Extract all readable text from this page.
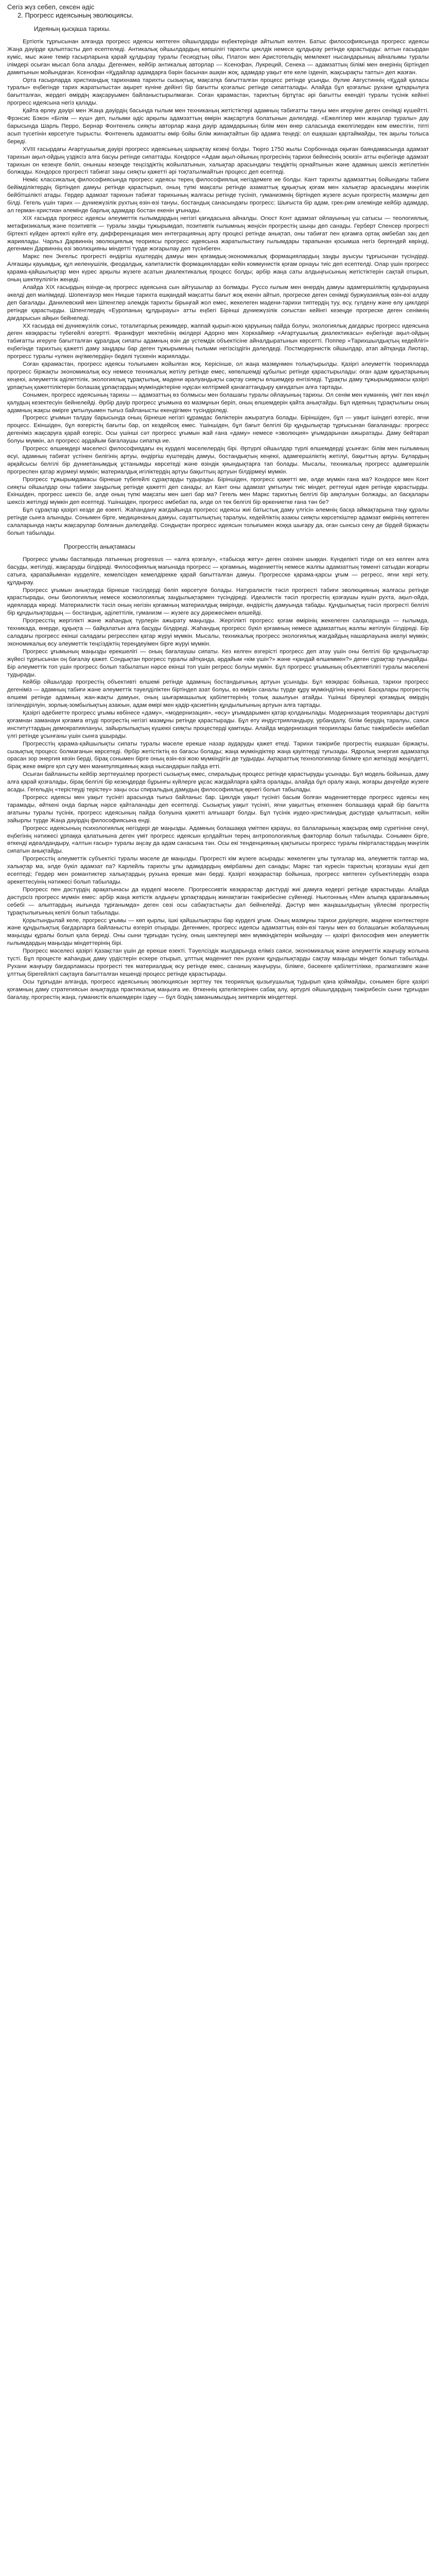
Сегіз жүз себеп, сексен әдіс
2. Прогресс идеясының эволюциясы.
Идеяның қысқаша тарихы.

Ертіотік тұрғысынан алғанда прогресс идеясы көптеген ойшылдарды еңбектерінде айтылып келген. Батыс философиясында прогресс идеясы Жаңа дәуірде қалыптасты деп есептеледі. Антикалық ойшылдардың көпшілігі тарихты циклдік немесе құлдырау ретінде қарастырды: алтын ғасырдан күміс, мыс және темір ғасырларына қарай құлдырау туралы Гесиодтың ойы, Платон мен Аристотельдің мемлекет нысандарының айналымы туралы ілімдері осыған мысал бола алады. Дегенмен, кейбір антикалық авторлар — Ксенофан, Лукреций, Сенека — адамзаттың білімі мен өнерінің біртіндеп дамитынын мойындаған. Ксенофан «Құдайлар адамдарға бәрін басынан ашқан жоқ, адамдар уақыт өте келе ізденіп, жақсырақты тапты» деп жазған.

Орта ғасырларда христиандық тарихнама тарихты сызықтық, мақсатқа бағытталған процесс ретінде ұсынды. Әулие Августиннің «Құдай қаласы туралы» еңбегінде тарих жаратылыстан ақырет күніне дейінгі бір бағытты қозғалыс ретінде сипатталады. Алайда бұл қозғалыс рухани құтқарылуға бағытталған, жердегі өмірдің жақсаруымен байланыстырылмаған. Соған қарамастан, тарихтың біртұтас әрі бағытты екендігі туралы түсінік кейінгі прогресс идеясына негіз қалады.

Қайта өрлеу дәуірі мен Жаңа дәуірдің басында ғылым мен техниканың жетістіктері адамның табиғатты тануы мен игеруіне деген сенімді күшейтті. Фрэнсис Бэкон «Білім — күш» деп, ғылыми әдіс арқылы адамзаттың өмірін жақсартуға болатынын дәлелдеді. «Ежелгілер мен жаңалар туралы» дау барысында Шарль Перро, Бернар Фонтенель сияқты авторлар жаңа дәуір адамдарының білім мен өнер саласында ежелгілерден кем еместігін, тіпті асып түсетінін көрсетуге тырысты. Фонтенель адамзатты өмір бойы білім жинақтайтын бір адамға теңеді: ол ешқашан қартаймайды, тек ақылы толыса береді.

XVIII ғасырдағы Ағартушылық дәуірі прогресс идеясының шарықтау кезеңі болды. Тюрго 1750 жылы Сорбоннада оқыған баяндамасында адамзат тарихын ақыл-ойдың үздіксіз алға басуы ретінде сипаттады. Кондорсе «Адам ақыл-ойының прогресінің тарихи бейнесінің эскизі» атты еңбегінде адамзат тарихын он кезеңге бөліп, оныншы кезеңде теңсіздіктің жойылатынын, халықтар арасындағы теңдіктің орнайтынын және адамның шексіз жетілетінін болжады. Кондорсе прогресті табиғат заңы сияқты қажетті әрі тоқтатылмайтын процесс деп есептеді.

Неміс классикалық философиясында прогресс идеясы терең философиялық негіздемеге ие болды. Кант тарихты адамзаттың бойындағы табиғи бейімділіктердің біртіндеп дамуы ретінде қарастырып, оның түпкі мақсаты ретінде азаматтық құқықтық қоғам мен халықтар арасындағы мәңгілік бейбітшілікті атады. Гердер адамзат тарихын табиғат тарихының жалғасы ретінде түсініп, гуманизмнің біртіндеп жүзеге асуын прогрестің мазмұны деп білді. Гегель үшін тарих — дүниежүзілік рухтың өзін-өзі тануы, бостандық санасындағы прогресс: Шығыста бір адам, грек-рим әлемінде кейбір адамдар, ал герман-христиан әлемінде барлық адамдар бостан екенін ұғынады.

XIX ғасырда прогресс идеясы әлеуметтік ғылымдардың негізгі қағидасына айналды. Огюст Конт адамзат ойлауының үш сатысы — теологиялық, метафизикалық және позитивтік — туралы заңды тұжырымдап, позитивтік ғылымның жеңісін прогрестің шыңы деп санады. Герберт Спенсер прогресті біртекті күйден әртекті күйге өту, дифференциация мен интеграцияның арту процесі ретінде анықтап, оны табиғат пен қоғамға ортақ әмбебап заң деп жариялады. Чарльз Дарвиннің эволюциялық теориясы прогресс идеясына жаратылыстану ғылымдары тарапынан қосымша негіз бергендей көрінді, дегенмен Дарвиннің өзі эволюцияны міндетті түрде жоғарылау деп түсінбеген.

Маркс пен Энгельс прогресті өндіргіш күштердің дамуы мен қоғамдық-экономикалық формациялардың заңды ауысуы тұрғысынан түсіндірді. Алғашқы қауымдық, құл иеленушілік, феодалдық, капиталистік формациялардан кейін коммунистік қоғам орнауы тиіс деп есептелді. Олар үшін прогресс қарама-қайшылықтар мен күрес арқылы жүзеге асатын диалектикалық процесс болды; әрбір жаңа саты алдыңғысының жетістіктерін сақтай отырып, оның шектеулілігін жеңеді.

Алайда XIX ғасырдың өзінде-ақ прогресс идеясына сын айтушылар аз болмады. Руссо ғылым мен өнердің дамуы адамгершіліктің құлдырауына әкелді деп мәлімдеді. Шопенгауэр мен Ницше тарихта ешқандай мақсатты бағыт жоқ екенін айтып, прогреске деген сенімді буржуазиялық өзін-өзі алдау деп бағалады. Данилевский мен Шпенглер әлемдік тарихты бірыңғай жол емес, жекелеген мәдени-тарихи типтердің туу, өсу, гүлдену және өлу циклдері ретінде қарастырды. Шпенглердің «Еуропаның құлдырауы» атты еңбегі Бірінші дүниежүзілік соғыстан кейінгі кезеңде прогреске деген сенімнің дағдарысын айқын бейнеледі.

XX ғасырда екі дүниежүзілік соғыс, тоталитарлық режимдер, жаппай қырып-жою қаруының пайда болуы, экологиялық дағдарыс прогресс идеясына деген көзқарасты түбегейлі өзгертті. Франкфурт мектебінің өкілдері Адорно мен Хоркхаймер «Ағартушылық диалектикасы» еңбегінде ақыл-ойдың табиғатты игеруге бағытталған құралдық сипаты адамның өзін де үстемдік объектісіне айналдыратынын көрсетті. Поппер «Тарихшылдықтың кедейлігі» еңбегінде тарихтың қажетті даму заңдары бар деген тұжырымның ғылыми негізсіздігін дәлелдеді. Постмодернистік ойшылдар, атап айтқанда Лиотар, прогресс туралы «үлкен әңгімелердің» беделі түскенін жариялады.

Соған қарамастан, прогресс идеясы толығымен жойылған жоқ. Керісінше, ол жаңа мазмұнмен толықтырылды. Қазіргі әлеуметтік теорияларда прогресс біржақты экономикалық өсу немесе техникалық жетілу ретінде емес, көпөлшемді құбылыс ретінде қарастырылады: оған адам құқықтарының кеңеюі, әлеуметтік әділеттілік, экологиялық тұрақтылық, мәдени әралуандықты сақтау сияқты өлшемдер енгізіледі. Тұрақты даму тұжырымдамасы қазіргі ұрпақтың қажеттіліктерін болашақ ұрпақтардың мүмкіндіктеріне нұқсан келтірмей қанағаттандыру қағидатын алға тартады.

Сонымен, прогресс идеясының тарихы — адамзаттың өз болмысы мен болашағы туралы ойлауының тарихы. Ол сенім мен күмәннің, үміт пен көңіл қалудың кезектесуін бейнелейді. Әрбір дәуір прогресс ұғымына өз мазмұнын беріп, оның өлшемдерін қайта анықтайды. Бұл идеяның тұрақтылығы оның адамның жақсы өмірге ұмтылуымен тығыз байланысты екендігімен түсіндіріледі.

Прогресс ұғымын талдау барысында оның бірнеше негізгі құрамдас бөліктерін ажыратуға болады. Біріншіден, бұл — уақыт ішіндегі өзгеріс, яғни процесс. Екіншіден, бұл өзгерістің бағыты бар, ол кездейсоқ емес. Үшіншіден, бұл бағыт белгілі бір құндылықтар тұрғысынан бағаланады: прогресс дегеніміз жақсаруға қарай өзгеріс. Осы үшінші сәт прогресс ұғымын жай ғана «даму» немесе «эволюция» ұғымдарынан ажыратады. Даму бейтарап болуы мүмкін, ал прогресс әрдайым бағалаушы сипатқа ие.

Прогресс өлшемдері мәселесі философиядағы ең күрделі мәселелердің бірі. Әртүрлі ойшылдар түрлі өлшемдерді ұсынған: білім мен ғылымның өсуі, адамның табиғат үстінен билігінің артуы, өндіргіш күштердің дамуы, бостандықтың кеңеюі, адамгершіліктің жетілуі, бақыттың артуы. Бұлардың әрқайсысы белгілі бір дүниетанымдық ұстанымды көрсетеді және өзіндік қиындықтарға тап болады. Мысалы, техникалық прогресс адамгершілік прогреспен қатар жүрмеуі мүмкін; материалдық игіліктердің артуы бақыттың артуын білдірмеуі мүмкін.

Прогресс тұжырымдамасы бірнеше түбегейлі сұрақтарды тудырады. Біріншіден, прогресс қажетті ме, әлде мүмкін ғана ма? Кондорсе мен Конт сияқты ойшылдар оны табиғи заңдылық ретінде қажетті деп санады; ал Кант оны адамзат ұмтылуы тиіс міндет, реттеуші идея ретінде қарастырды. Екіншіден, прогресс шексіз бе, әлде оның түпкі мақсаты мен шегі бар ма? Гегель мен Маркс тарихтың белгілі бір аяқталуын болжады, ал басқалары шексіз жетілуді мүмкін деп есептеді. Үшіншіден, прогресс әмбебап па, әлде ол тек белгілі бір өркениетке ғана тән бе?

Бұл сұрақтар қазіргі кезде де өзекті. Жаһандану жағдайында прогресс идеясы жиі батыстық даму үлгісін әлемнің басқа аймақтарына таңу құралы ретінде сынға алынады. Сонымен бірге, медицинаның дамуы, сауаттылықтың таралуы, кедейліктің азаюы сияқты көрсеткіштер адамзат өмірінің көптеген салаларында нақты жақсарулар болғанын дәлелдейді. Сондықтан прогресс идеясын толығымен жоққа шығару да, оған сынсыз сену де бірдей біржақты болып табылады.

Прогресстің анықтамасы

Прогресс ұғымы бастапқыда латынның progressus — «алға қозғалу», «табысқа жету» деген сөзінен шыққан. Күнделікті тілде ол кез келген алға басуды, жетілуді, жақсаруды білдіреді. Философиялық мағынада прогресс — қоғамның, мәдениеттің немесе жалпы адамзаттың төменгі сатыдан жоғарғы сатыға, қарапайымнан күрделіге, кемелсізден кемелдірекке қарай бағытталған дамуы. Прогресске қарама-қарсы ұғым — регресс, яғни кері кету, құлдырау.

Прогресс ұғымын анықтауда бірнеше тәсілдерді бөліп көрсетуге болады. Натуралистік тәсіл прогресті табиғи эволюцияның жалғасы ретінде қарастырады, оны биологиялық немесе космологиялық заңдылықтармен түсіндіреді. Идеалистік тәсіл прогрестің қозғаушы күшін рухта, ақыл-ойда, идеяларда көреді. Материалистік тәсіл оның негізін қоғамның материалдық өмірінде, өндірістің дамуында табады. Құндылықтық тәсіл прогресті белгілі бір құндылықтардың — бостандық, әділеттілік, гуманизм — жүзеге асу дәрежесімен өлшейді.

Прогресстің жергілікті және жаһандық түрлерін ажырату маңызды. Жергілікті прогресс қоғам өмірінің жекелеген салаларында — ғылымда, техникада, өнерде, құқықта — байқалатын алға басуды білдіреді. Жаһандық прогресс бүкіл қоғамның немесе адамзаттың жалпы жетілуін білдіреді. Бір саладағы прогресс екінші саладағы регресспен қатар жүруі мүмкін. Мысалы, техникалық прогресс экологиялық жағдайдың нашарлауына әкелуі мүмкін; экономикалық өсу әлеуметтік теңсіздіктің тереңдеуімен бірге жүруі мүмкін.

Прогресс ұғымының маңызды ерекшелігі — оның бағалаушы сипаты. Кез келген өзгерісті прогресс деп атау үшін оны белгілі бір құндылықтар жүйесі тұрғысынан оң бағалау қажет. Сондықтан прогресс туралы айтқанда, әрдайым «кім үшін?» және «қандай өлшеммен?» деген сұрақтар туындайды. Бір әлеуметтік топ үшін прогресс болып табылатын нәрсе екінші топ үшін регресс болуы мүмкін. Бұл прогресс ұғымының объективтілігі туралы мәселені тудырады.

Кейбір ойшылдар прогрестің объективті өлшемі ретінде адамның бостандығының артуын ұсынады. Бұл көзқарас бойынша, тарихи прогресс дегеніміз — адамның табиғи және әлеуметтік тәуелділіктен біртіндеп азат болуы, өз өмірін саналы түрде құру мүмкіндігінің кеңеюі. Басқалары прогрестің өлшемі ретінде адамның жан-жақты дамуын, оның шығармашылық қабілеттерінің толық ашылуын атайды. Үшінші біреулері қоғамдық өмірдің ізгілендірілуін, зорлық-зомбылықтың азаюын, адам өмірі мен қадір-қасиетінің құндылығының артуын алға тартады.

Қазіргі әдебиетте прогресс ұғымы көбінесе «даму», «модернизация», «өсу» ұғымдарымен қатар қолданылады. Модернизация теориялары дәстүрлі қоғамнан заманауи қоғамға өтуді прогрестің негізгі мазмұны ретінде қарастырады. Бұл өту индустрияландыру, урбандалу, білім берудің таралуы, саяси институттардың демократиялануы, зайырлылықтың күшеюі сияқты процестерді қамтиды. Алайда модернизация теориялары батыс тәжірибесін әмбебап үлгі ретінде ұсынғаны үшін сынға ұшырады.

Прогресстің қарама-қайшылықты сипаты туралы мәселе ерекше назар аударуды қажет етеді. Тарихи тәжірибе прогрестің ешқашан біржақты, сызықтық процесс болмағанын көрсетеді. Әрбір жетістіктің өз бағасы болады; жаңа мүмкіндіктер жаңа қауіптерді туғызады. Ядролық энергия адамзатқа орасан зор энергия көзін берді, бірақ сонымен бірге оның өзін-өзі жою мүмкіндігін де тудырды. Ақпараттық технологиялар білімге қол жеткізуді жеңілдетті, бірақ жеке өмірге қол сұғу мен манипуляцияның жаңа нысандарын пайда етті.

Осыған байланысты кейбір зерттеушілер прогресті сызықтық емес, спиральдық процесс ретінде қарастыруды ұсынады. Бұл модель бойынша, даму алға қарай қозғалады, бірақ белгілі бір кезеңдерде бұрынғы күйлерге ұқсас жағдайларға қайта оралады, алайда бұл оралу жаңа, жоғары деңгейде жүзеге асады. Гегельдің «терістеуді терістеу» заңы осы спиральдық дамудың философиялық өрнегі болып табылады.

Прогресс идеясы мен уақыт түсінігі арасында тығыз байланыс бар. Циклдік уақыт түсінігі басым болған мәдениеттерде прогресс идеясы кең тарамады, өйткені онда барлық нәрсе қайталанады деп есептелді. Сызықтық уақыт түсінігі, яғни уақыттың өткеннен болашаққа қарай бір бағытта ағатыны туралы түсінік, прогресс идеясының пайда болуына қажетті алғышарт болды. Бұл түсінік иудео-христиандық дәстүрде қалыптасып, кейін зайырлы түрде Жаңа дәуірдің философиясына енді.

Прогресс идеясының психологиялық негіздері де маңызды. Адамның болашаққа үмітпен қарауы, өз балаларының жақсырақ өмір сүретініне сенуі, еңбегінің нәтижесі ұрпаққа қалатынына деген үміт прогресс идеясын қолдайтын терең антропологиялық факторлар болып табылады. Сонымен бірге, өткенді идеалдандыру, «алтын ғасыр» туралы аңсау да адам санасына тән. Осы екі тенденцияның қақтығысы прогресс туралы пікірталастардың мәңгілік сипатын анықтайды.

Прогресстің әлеуметтік субъектісі туралы мәселе де маңызды. Прогресті кім жүзеге асырады: жекелеген ұлы тұлғалар ма, әлеуметтік таптар ма, халықтар ма, әлде бүкіл адамзат па? Карлейль тарихты ұлы адамдардың өмірбаяны деп санады; Маркс тап күресін тарихтың қозғаушы күші деп есептеді; Гердер мен романтиктер халықтардың рухына ерекше мән берді. Қазіргі көзқарастар бойынша, прогресс көптеген субъектілердің өзара әрекеттесуінің нәтижесі болып табылады.

Прогресс пен дәстүрдің арақатынасы да күрделі мәселе. Прогрессивтік көзқарастар дәстүрді жиі дамуға кедергі ретінде қарастырды. Алайда дәстүрсіз прогресс мүмкін емес: әрбір жаңа жетістік алдыңғы ұрпақтардың жинақтаған тәжірибесіне сүйенеді. Ньютонның «Мен алыпқа қарағанымның себебі — алыптардың иығында тұрғанымда» деген сөзі осы сабақтастықты дәл бейнелейді. Дәстүр мен жаңашылдықтың үйлесімі прогрестің тұрақтылығының кепілі болып табылады.

Қорытындылай келе, прогресс ұғымы — көп қырлы, ішкі қайшылықтары бар күрделі ұғым. Оның мазмұны тарихи дәуірлерге, мәдени контекстерге және құндылықтық бағдарларға байланысты өзгеріп отырады. Дегенмен, прогресс идеясы адамзаттың өзін-өзі тануы мен өз болашағын жобалауының маңызды құралы болып қала береді. Оны сыни тұрғыдан түсіну, оның шектеулері мен мүмкіндіктерін мойындау — қазіргі философия мен әлеуметтік ғылымдардың маңызды міндеттерінің бірі.

Прогресс мәселесі қазіргі Қазақстан үшін де ерекше өзекті. Тәуелсіздік жылдарында еліміз саяси, экономикалық және әлеуметтік жаңғыру жолына түсті. Бұл процесте жаһандық даму үрдістерін ескере отырып, ұлттық мәдениет пен рухани құндылықтарды сақтау маңызды міндет болып табылады. Рухани жаңғыру бағдарламасы прогресті тек материалдық өсу ретінде емес, сананың жаңғыруы, білімге, бәсекеге қабілеттілікке, прагматизмге және ұлттық бірегейлікті сақтауға бағытталған кешенді процесс ретінде қарастырады.

Осы тұрғыдан алғанда, прогресс идеясының эволюциясын зерттеу тек теориялық қызығушылық тудырып қана қоймайды, сонымен бірге қазіргі қоғамның даму стратегиясын анықтауда практикалық маңызға ие. Өткеннің қателіктерінен сабақ алу, әртүрлі ойшылдардың тәжірибесін сыни тұрғыдан бағалау, прогрестің жаңа, гуманистік өлшемдерін іздеу — бұл біздің заманымыздың зияткерлік міндеттері.
